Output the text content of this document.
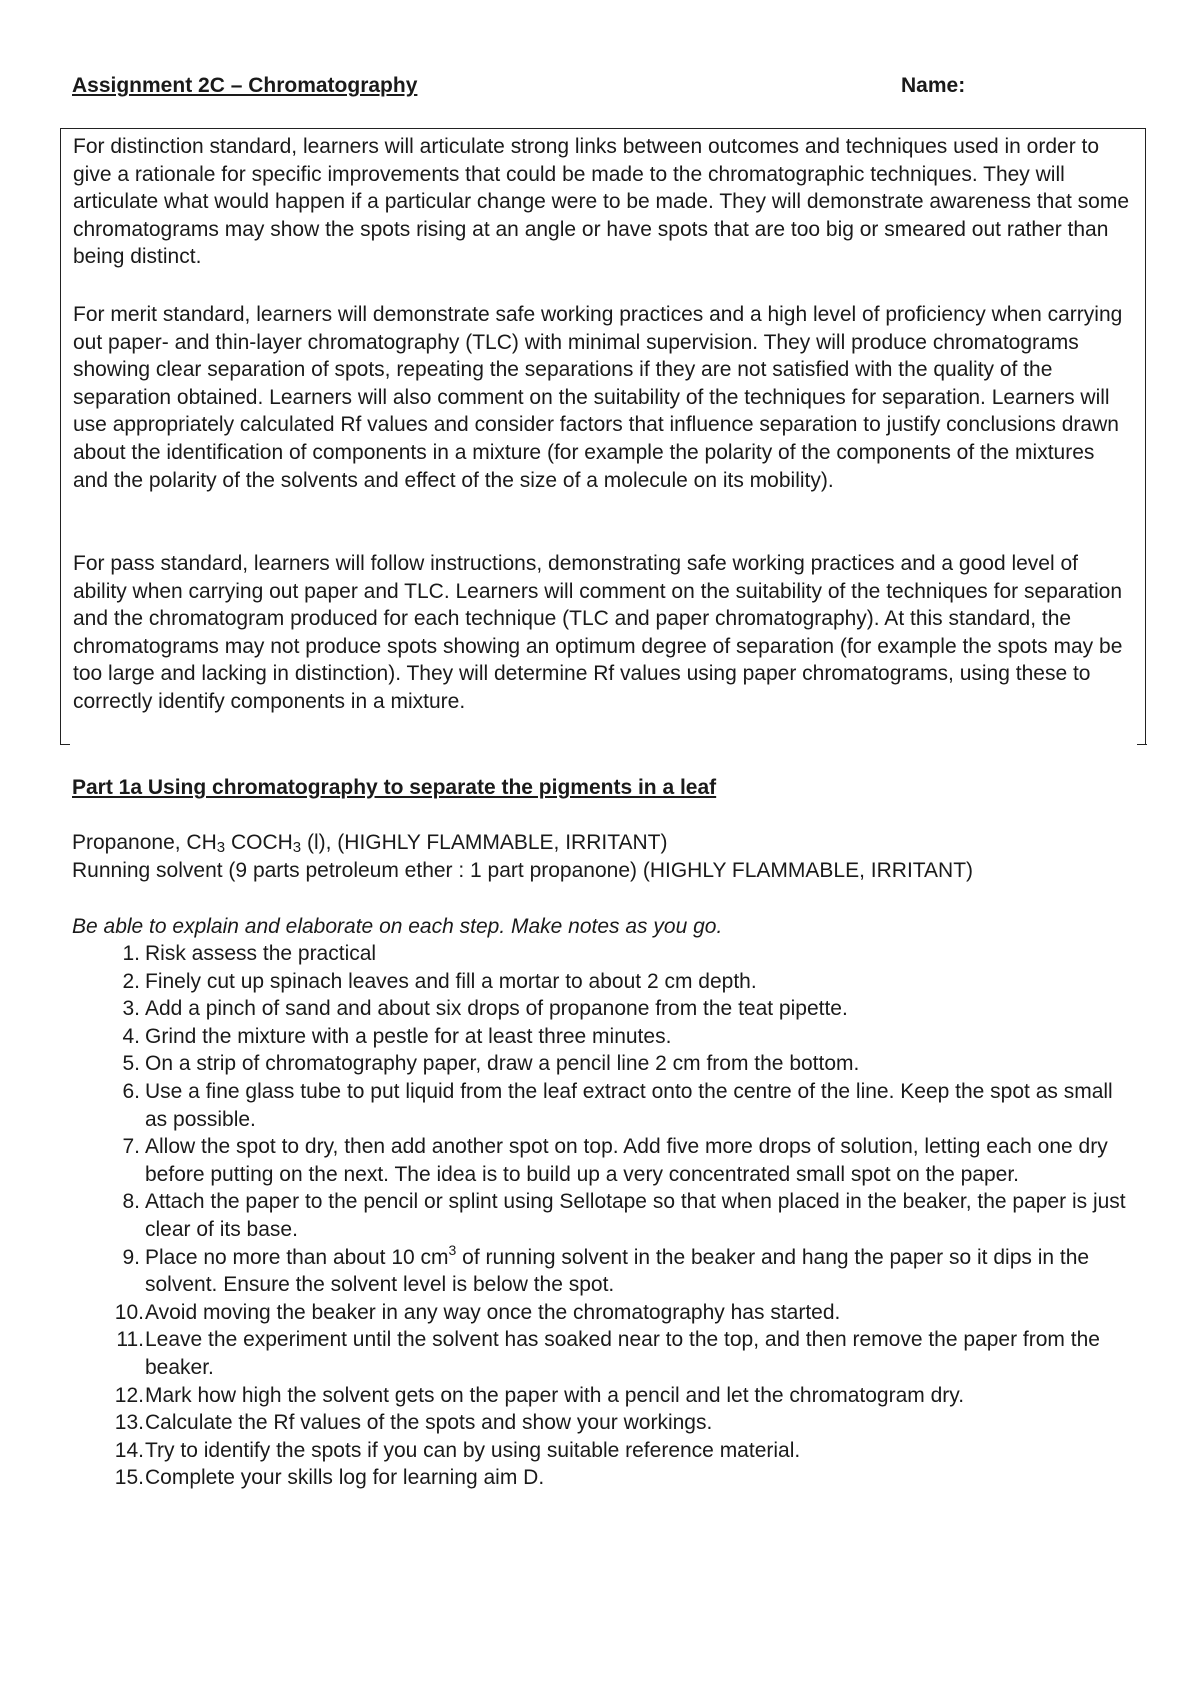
Assignment 2C – Chromatography	Name:

For distinction standard, learners will articulate strong links between outcomes and techniques used in order to give a rationale for specific improvements that could be made to the chromatographic techniques. They will articulate what would happen if a particular change were to be made. They will demonstrate awareness that some chromatograms may show the spots rising at an angle or have spots that are too big or smeared out rather than being distinct.

For merit standard, learners will demonstrate safe working practices and a high level of proficiency when carrying out paper- and thin-layer chromatography (TLC) with minimal supervision. They will produce chromatograms showing clear separation of spots, repeating the separations if they are not satisfied with the quality of the separation obtained. Learners will also comment on the suitability of the techniques for separation. Learners will use appropriately calculated Rf values and consider factors that influence separation to justify conclusions drawn about the identification of components in a mixture (for example the polarity of the components of the mixtures and the polarity of the solvents and effect of the size of a molecule on its mobility).

For pass standard, learners will follow instructions, demonstrating safe working practices and a good level of ability when carrying out paper and TLC. Learners will comment on the suitability of the techniques for separation and the chromatogram produced for each technique (TLC and paper chromatography). At this standard, the chromatograms may not produce spots showing an optimum degree of separation (for example the spots may be too large and lacking in distinction). They will determine Rf values using paper chromatograms, using these to correctly identify components in a mixture.

Part 1a Using chromatography to separate the pigments in a leaf
Propanone, $CH_3$ $COCH_3$ (l), (HIGHLY FLAMMABLE, IRRITANT)
Running solvent (9 parts petroleum ether : 1 part propanone) (HIGHLY FLAMMABLE, IRRITANT)
Be able to explain and elaborate on each step. Make notes as you go.
1. Risk assess the practical
2. Finely cut up spinach leaves and fill a mortar to about 2 cm depth.
3. Add a pinch of sand and about six drops of propanone from the teat pipette.
4. Grind the mixture with a pestle for at least three minutes.
5. On a strip of chromatography paper, draw a pencil line 2 cm from the bottom.
6. Use a fine glass tube to put liquid from the leaf extract onto the centre of the line. Keep the spot as small as possible.
7. Allow the spot to dry, then add another spot on top. Add five more drops of solution, letting each one dry before putting on the next. The idea is to build up a very concentrated small spot on the paper.
8. Attach the paper to the pencil or splint using Sellotape so that when placed in the beaker, the paper is just clear of its base.
9. Place no more than about 10 $cm^3$ of running solvent in the beaker and hang the paper so it dips in the solvent. Ensure the solvent level is below the spot.
10. Avoid moving the beaker in any way once the chromatography has started.
11. Leave the experiment until the solvent has soaked near to the top, and then remove the paper from the beaker.
12. Mark how high the solvent gets on the paper with a pencil and let the chromatogram dry.
13. Calculate the Rf values of the spots and show your workings.
14. Try to identify the spots if you can by using suitable reference material.
15. Complete your skills log for learning aim D.
